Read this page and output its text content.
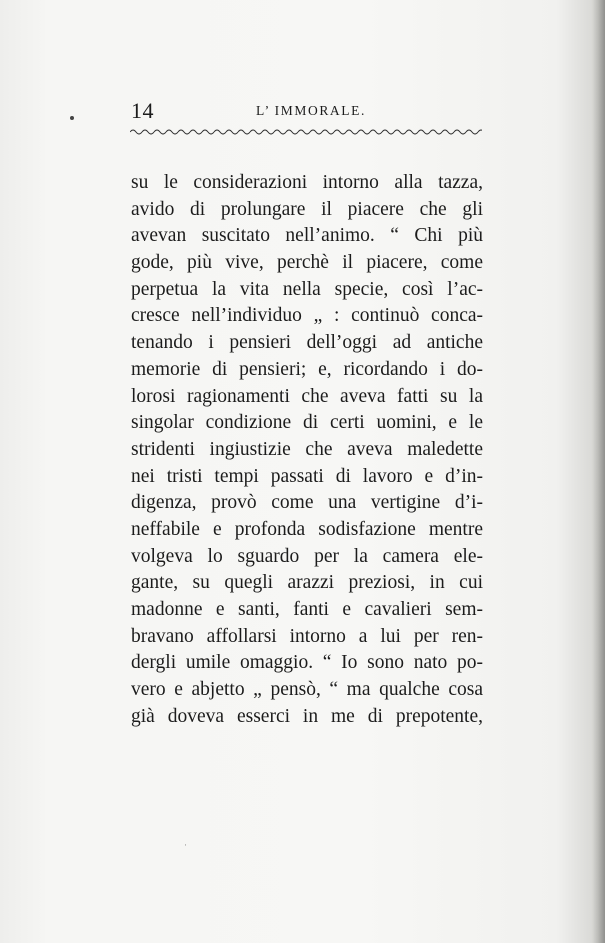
14	L’ IMMORALE.
su le considerazioni intorno alla tazza,
avido di prolungare il piacere che gli
avevan suscitato nell’animo. “ Chi più
gode, più vive, perchè il piacere, come
perpetua la vita nella specie, così l’ac-
cresce nell’individuo „ : continuò conca-
tenando i pensieri dell’oggi ad antiche
memorie di pensieri; e, ricordando i do-
lorosi ragionamenti che aveva fatti su la
singolar condizione di certi uomini, e le
stridenti ingiustizie che aveva maledette
nei tristi tempi passati di lavoro e d’in-
digenza, provò come una vertigine d’i-
neffabile e profonda sodisfazione mentre
volgeva lo sguardo per la camera ele-
gante, su quegli arazzi preziosi, in cui
madonne e santi, fanti e cavalieri sem-
bravano affollarsi intorno a lui per ren-
dergli umile omaggio. “ Io sono nato po-
vero e abjetto „ pensò, “ ma qualche cosa
già doveva esserci in me di prepotente,
·
